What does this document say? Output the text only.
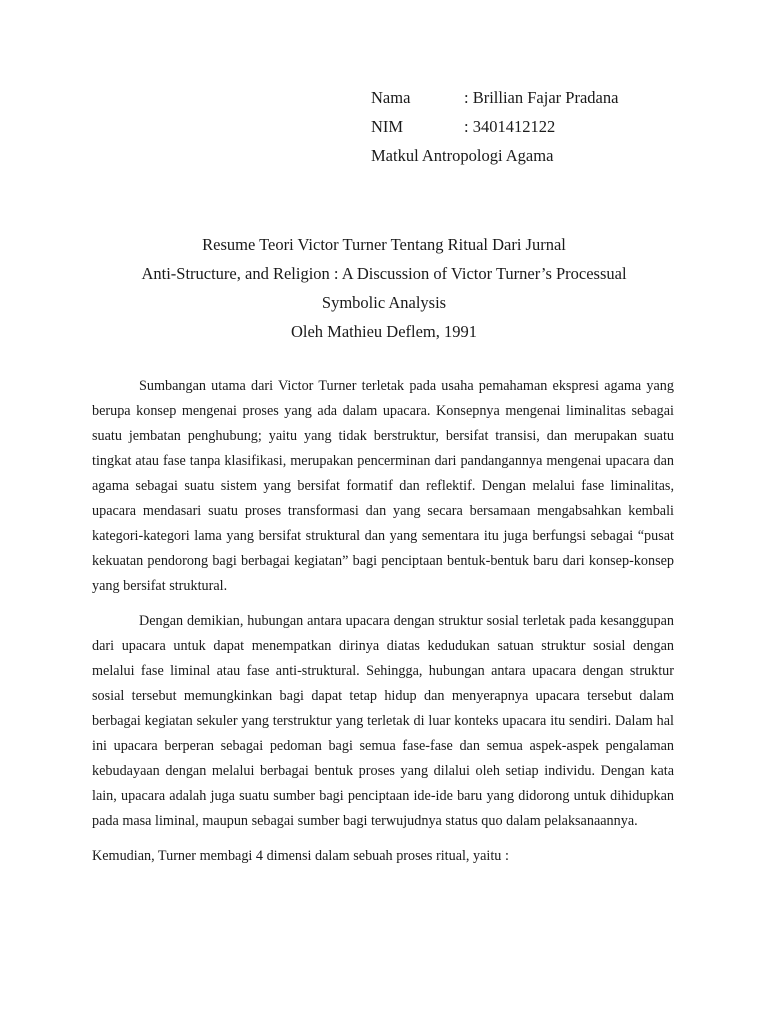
Nama	: Brillian Fajar Pradana
NIM	: 3401412122
Matkul Antropologi Agama
Resume Teori Victor Turner Tentang Ritual Dari Jurnal
Anti-Structure, and Religion : A Discussion of Victor Turner’s Processual
Symbolic Analysis
Oleh Mathieu Deflem, 1991

Sumbangan utama dari Victor Turner terletak pada usaha pemahaman ekspresi agama yang berupa konsep mengenai proses yang ada dalam upacara. Konsepnya mengenai liminalitas sebagai suatu jembatan penghubung; yaitu yang tidak berstruktur, bersifat transisi, dan merupakan suatu tingkat atau fase tanpa klasifikasi, merupakan pencerminan dari pandangannya mengenai upacara dan agama sebagai suatu sistem yang bersifat formatif dan reflektif. Dengan melalui fase liminalitas, upacara mendasari suatu proses transformasi dan yang secara bersamaan mengabsahkan kembali kategori-kategori lama yang bersifat struktural dan yang sementara itu juga berfungsi sebagai “pusat kekuatan pendorong bagi berbagai kegiatan” bagi penciptaan bentuk-bentuk baru dari konsep-konsep yang bersifat struktural.

Dengan demikian, hubungan antara upacara dengan struktur sosial terletak pada kesanggupan dari upacara untuk dapat menempatkan dirinya diatas kedudukan satuan struktur sosial dengan melalui fase liminal atau fase anti-struktural. Sehingga, hubungan antara upacara dengan struktur sosial tersebut memungkinkan bagi dapat tetap hidup dan menyerapnya upacara tersebut dalam berbagai kegiatan sekuler yang terstruktur yang terletak di luar konteks upacara itu sendiri. Dalam hal ini upacara berperan sebagai pedoman bagi semua fase-fase dan semua aspek-aspek pengalaman kebudayaan dengan melalui berbagai bentuk proses yang dilalui oleh setiap individu. Dengan kata lain, upacara adalah juga suatu sumber bagi penciptaan ide-ide baru yang didorong untuk dihidupkan pada masa liminal, maupun sebagai sumber bagi terwujudnya status quo dalam pelaksanaannya.

Kemudian, Turner membagi 4 dimensi dalam sebuah proses ritual, yaitu :
